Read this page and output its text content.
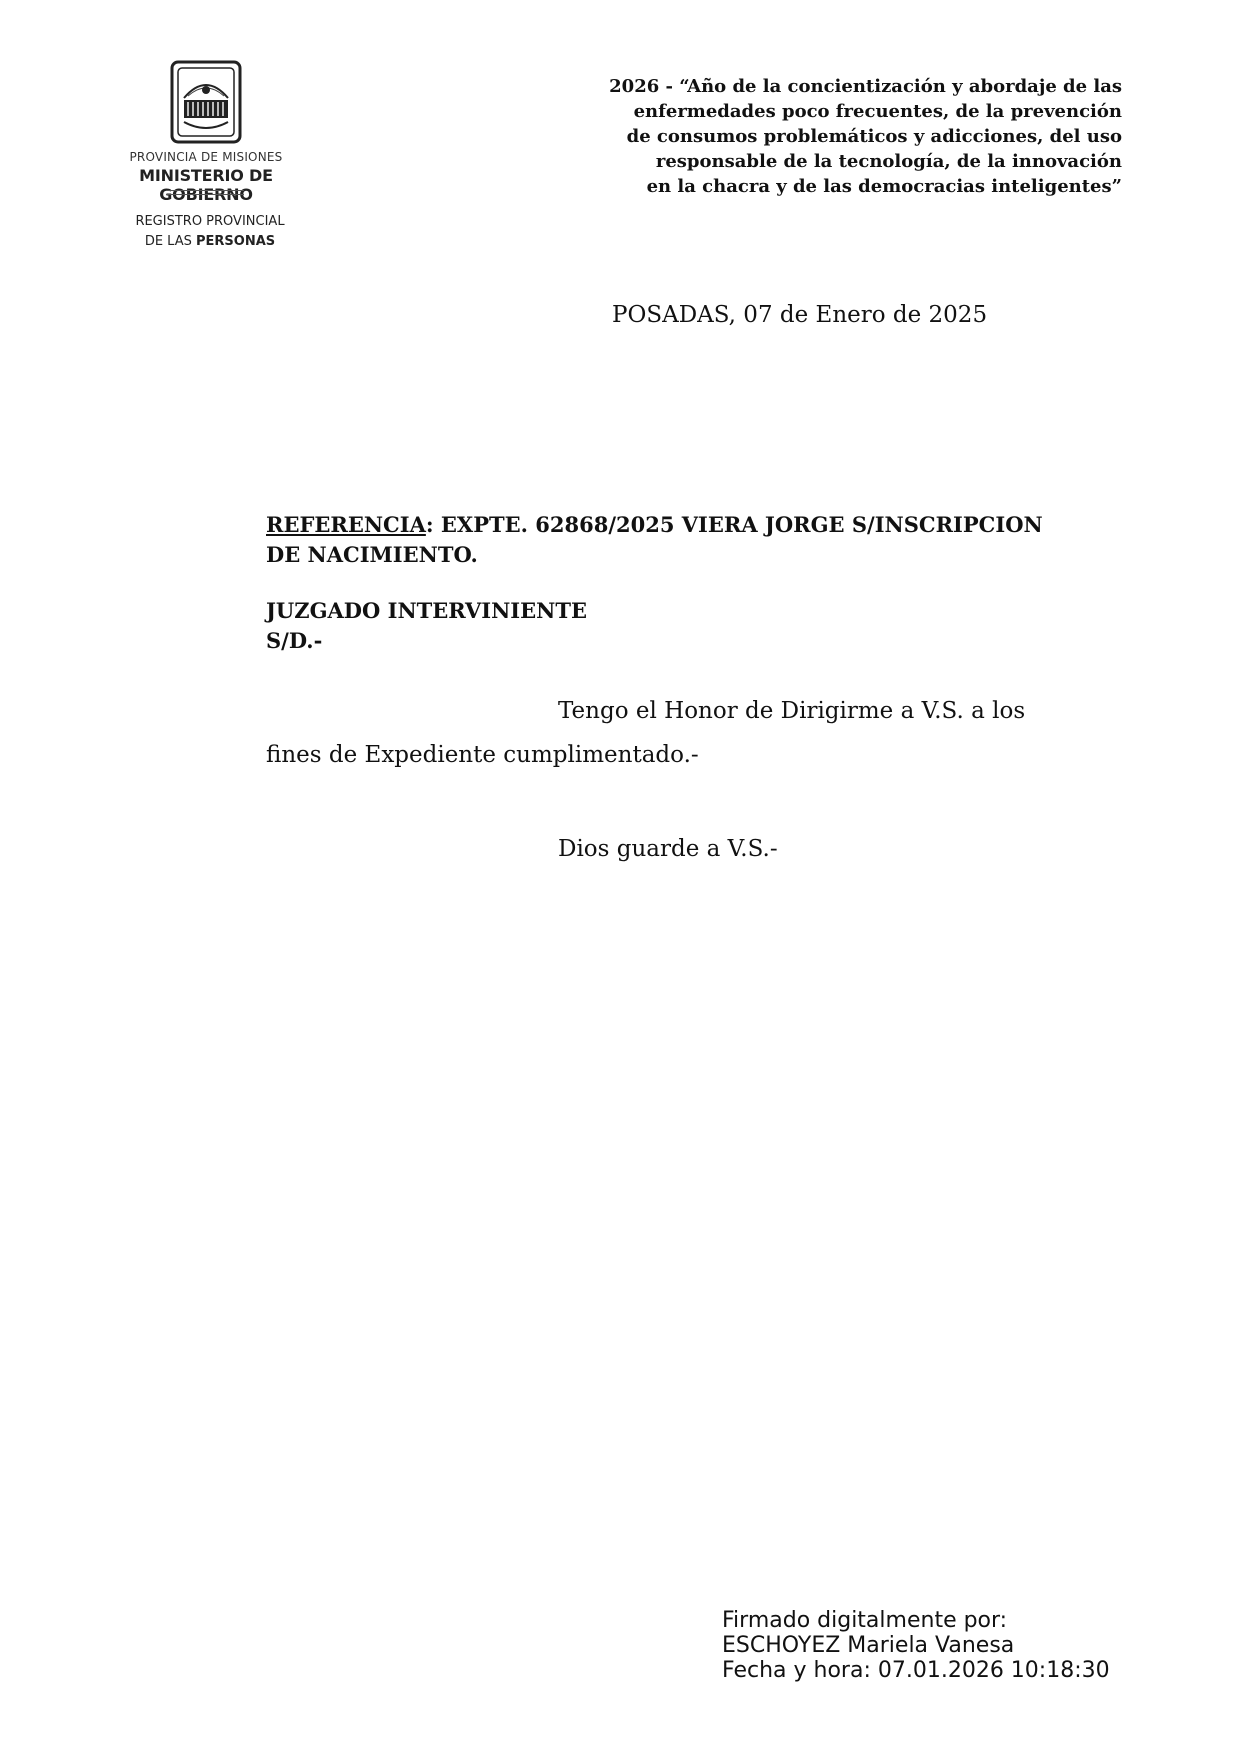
PROVINCIA DE MISIONES
MINISTERIO DE GOBIERNO
REGISTRO PROVINCIAL
DE LAS PERSONAS
2026 - “Año de la concientización y abordaje de las
enfermedades poco frecuentes, de la prevención
de consumos problemáticos y adicciones, del uso
responsable de la tecnología, de la innovación
en la chacra y de las democracias inteligentes”
POSADAS, 07 de Enero de 2025
REFERENCIA: EXPTE. 62868/2025 VIERA JORGE S/INSCRIPCION
DE NACIMIENTO.
JUZGADO INTERVINIENTE
S/D.-
Tengo el Honor de Dirigirme a V.S. a los
fines de Expediente cumplimentado.-
Dios guarde a V.S.-
Firmado digitalmente por:
ESCHOYEZ Mariela Vanesa
Fecha y hora: 07.01.2026 10:18:30
